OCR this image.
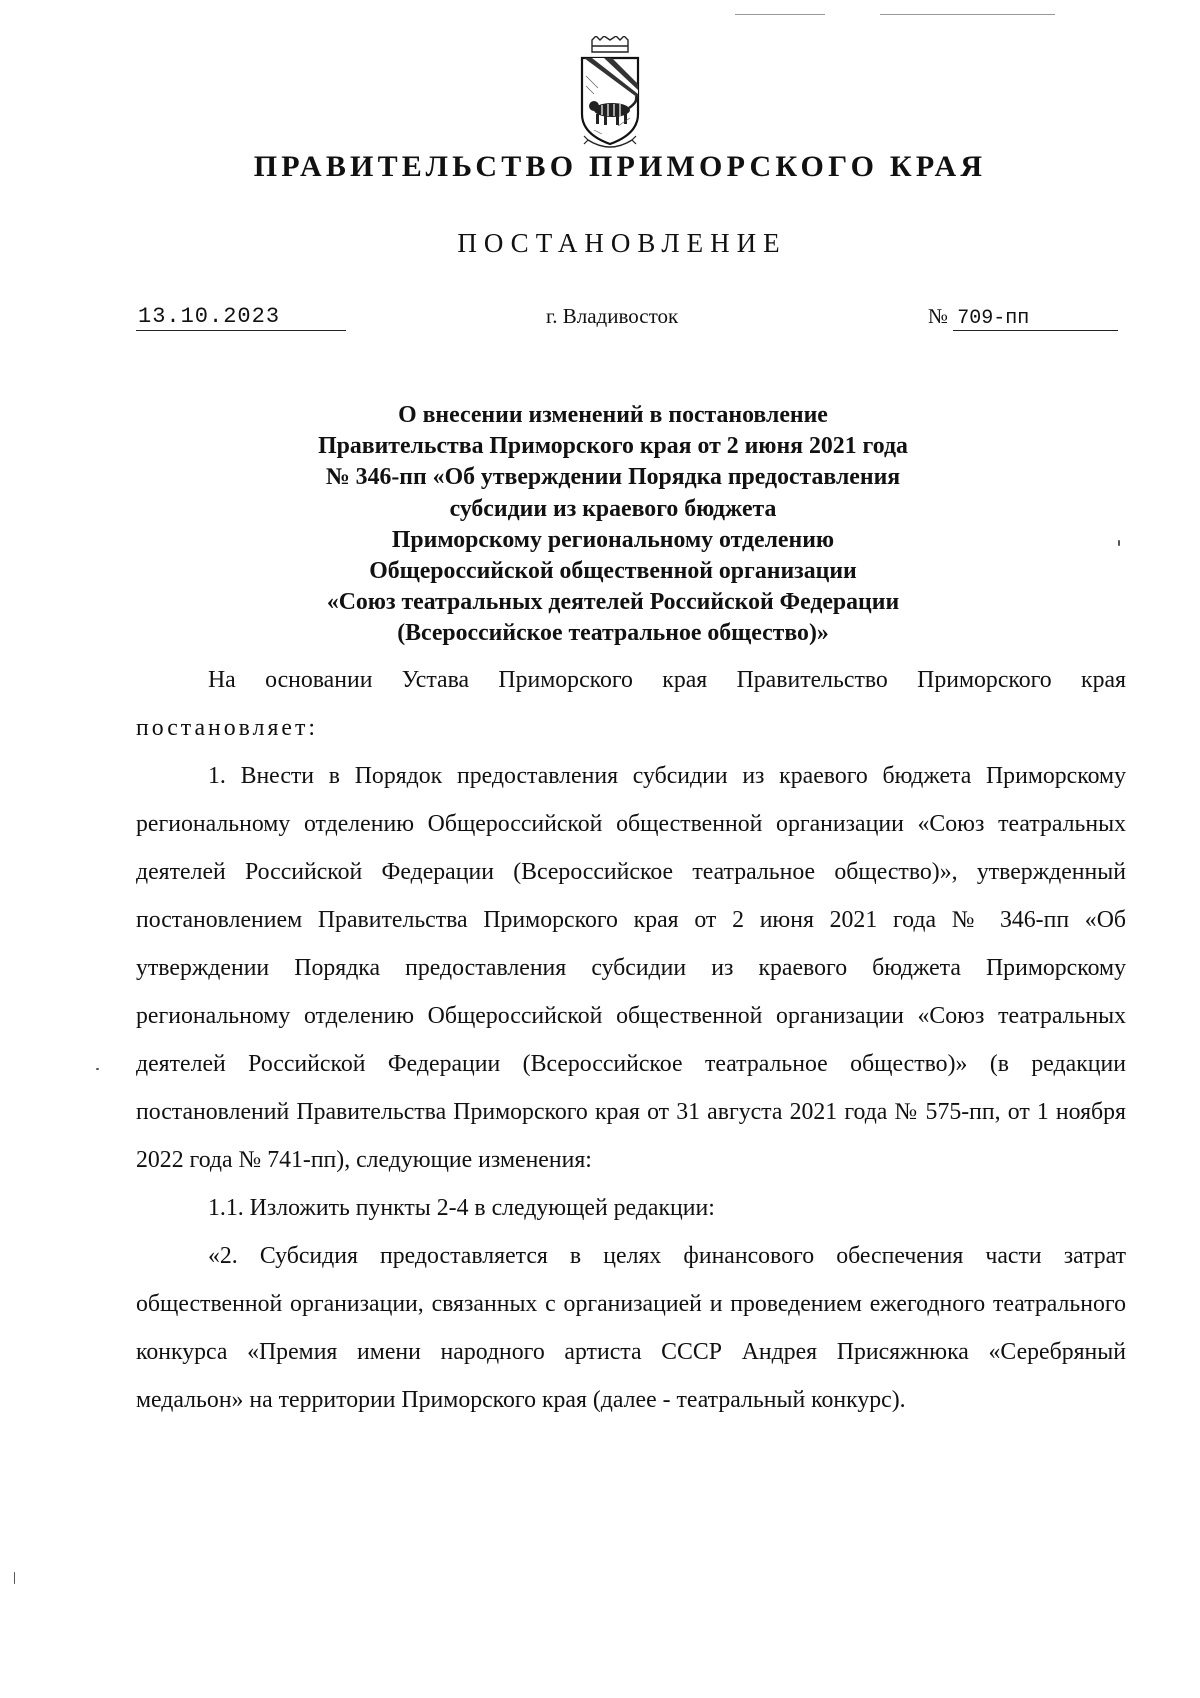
ПРАВИТЕЛЬСТВО ПРИМОРСКОГО КРАЯ
ПОСТАНОВЛЕНИЕ
13.10.2023	г. Владивосток	№ 709-пп
О внесении изменений в постановление
Правительства Приморского края от 2 июня 2021 года
№ 346-пп «Об утверждении Порядка предоставления
субсидии из краевого бюджета
Приморскому региональному отделению
Общероссийской общественной организации
«Союз театральных деятелей Российской Федерации
(Всероссийское театральное общество)»

На основании Устава Приморского края Правительство Приморского края постановляет:

1. Внести в Порядок предоставления субсидии из краевого бюджета Приморскому региональному отделению Общероссийской общественной организации «Союз театральных деятелей Российской Федерации (Всероссийское театральное общество)», утвержденный постановлением Правительства Приморского края от 2 июня 2021 года № 346-пп «Об утверждении Порядка предоставления субсидии из краевого бюджета Приморскому региональному отделению Общероссийской общественной организации «Союз театральных деятелей Российской Федерации (Всероссийское театральное общество)» (в редакции постановлений Правительства Приморского края от 31 августа 2021 года № 575-пп, от 1 ноября 2022 года № 741-пп), следующие изменения:

1.1. Изложить пункты 2-4 в следующей редакции:

«2. Субсидия предоставляется в целях финансового обеспечения части затрат общественной организации, связанных с организацией и проведением ежегодного театрального конкурса «Премия имени народного артиста СССР Андрея Присяжнюка «Серебряный медальон» на территории Приморского края (далее - театральный конкурс).
